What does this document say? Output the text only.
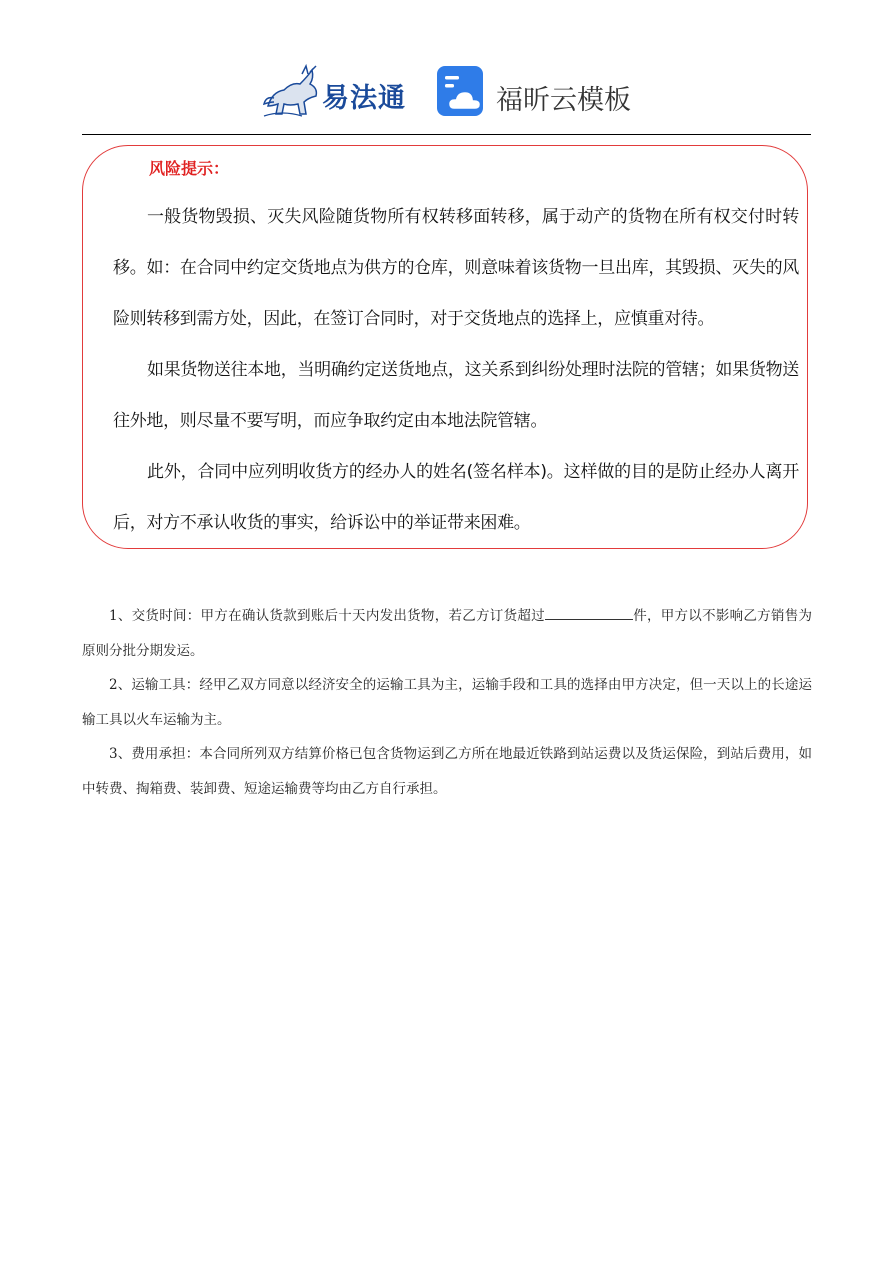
易法通	福昕云模板
风险提示：

一般货物毁损、灭失风险随货物所有权转移面转移，属于动产的货物在所有权交付时转移。如：在合同中约定交货地点为供方的仓库，则意味着该货物一旦出库，其毁损、灭失的风险则转移到需方处，因此，在签订合同时，对于交货地点的选择上，应慎重对待。

如果货物送往本地，当明确约定送货地点，这关系到纠纷处理时法院的管辖；如果货物送往外地，则尽量不要写明，而应争取约定由本地法院管辖。

此外，合同中应列明收货方的经办人的姓名(签名样本)。这样做的目的是防止经办人离开后，对方不承认收货的事实，给诉讼中的举证带来困难。

1、交货时间：甲方在确认货款到账后十天内发出货物，若乙方订货超过	件，甲方以不影响乙方销售为原则分批分期发运。

2、运输工具：经甲乙双方同意以经济安全的运输工具为主，运输手段和工具的选择由甲方决定，但一天以上的长途运输工具以火车运输为主。

3、费用承担：本合同所列双方结算价格已包含货物运到乙方所在地最近铁路到站运费以及货运保险，到站后费用，如中转费、掏箱费、装卸费、短途运输费等均由乙方自行承担。
